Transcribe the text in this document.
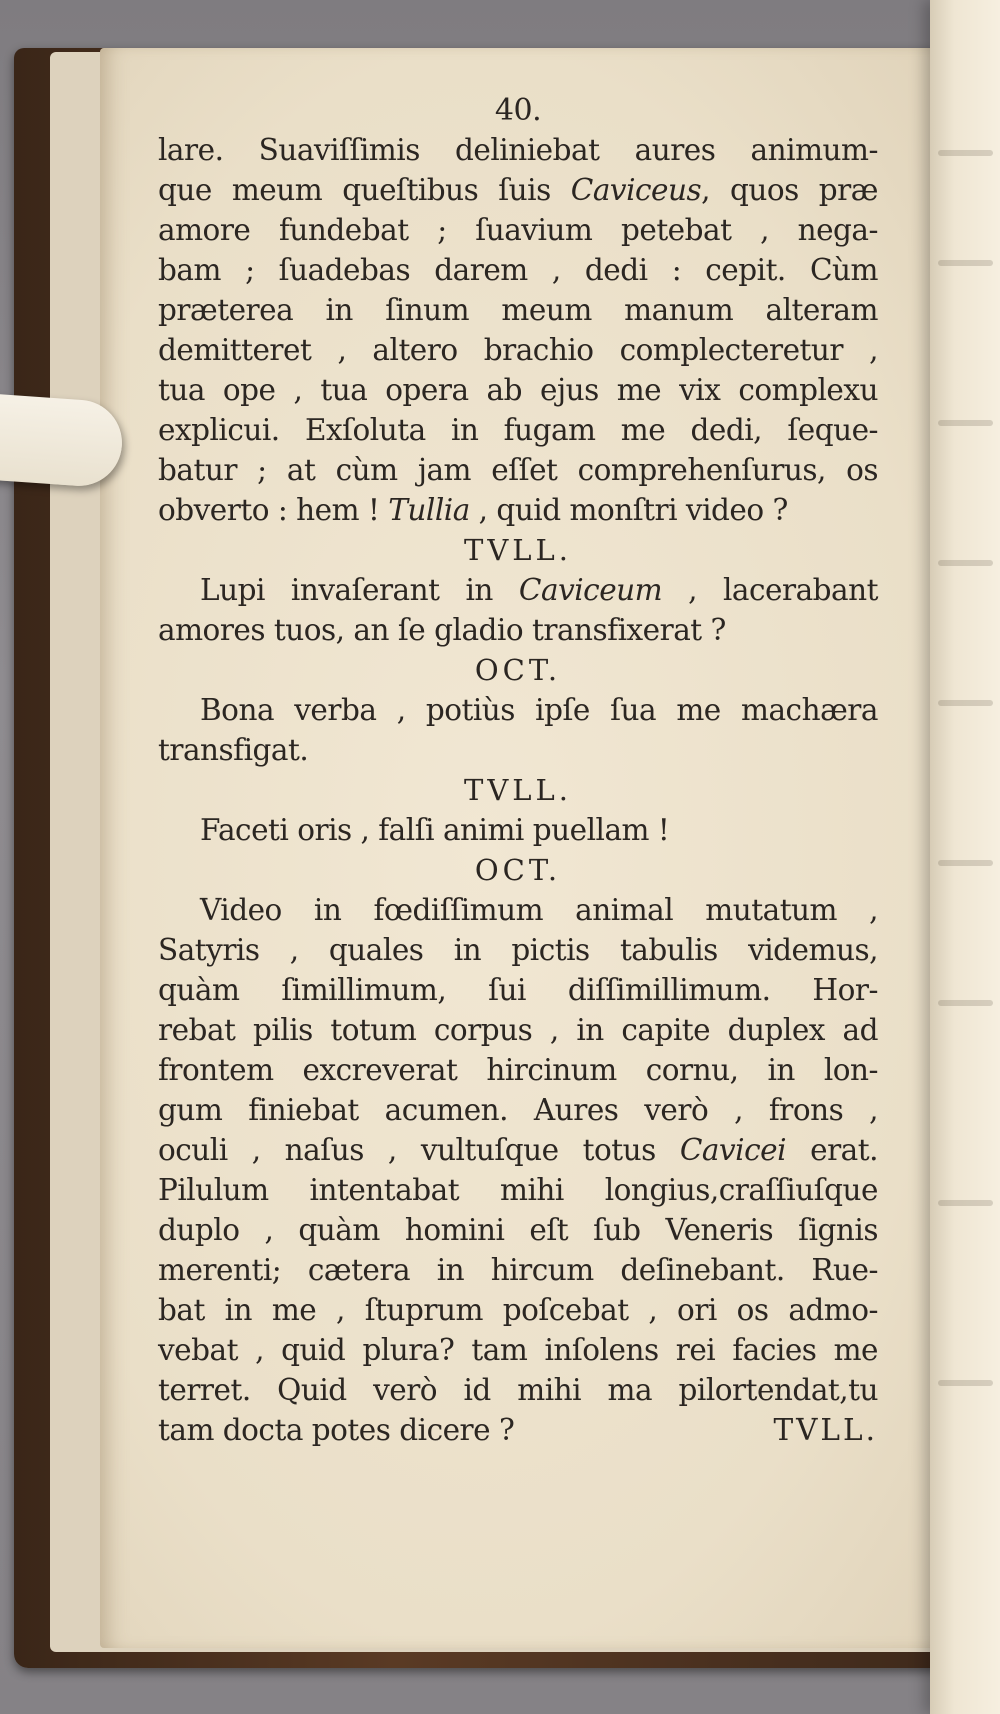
40.
lare. Suaviſſimis deliniebat aures animum-
que meum queſtibus ſuis Caviceus, quos præ
amore fundebat ; ſuavium petebat , nega-
bam ; ſuadebas darem , dedi : cepit. Cùm
præterea in ſinum meum manum alteram
demitteret , altero brachio complecteretur ,
tua ope , tua opera ab ejus me vix complexu
explicui. Exſoluta in fugam me dedi, ſeque-
batur ; at cùm jam eſſet comprehenſurus, os
obverto : hem ! Tullia , quid monſtri video ?
TVLL.
Lupi invaſerant in Caviceum , lacerabant
amores tuos, an ſe gladio transfixerat ?
OCT.
Bona verba , potiùs ipſe ſua me machæra
transfigat.
TVLL.
Faceti oris , falſi animi puellam !
OCT.
Video in fœdiſſimum animal mutatum ,
Satyris , quales in pictis tabulis videmus,
quàm ſimillimum, ſui diſſimillimum. Hor-
rebat pilis totum corpus , in capite duplex ad
frontem excreverat hircinum cornu, in lon-
gum finiebat acumen. Aures verò , frons ,
oculi , naſus , vultuſque totus Cavicei erat.
Pilulum intentabat mihi longius,craſſiuſque
duplo , quàm homini eſt ſub Veneris ſignis
merenti; cætera in hircum deſinebant. Rue-
bat in me , ſtuprum poſcebat , ori os admo-
vebat , quid plura? tam inſolens rei facies me
terret. Quid verò id mihi ma pilortendat,tu
tam docta potes dicere ?	TVLL.
